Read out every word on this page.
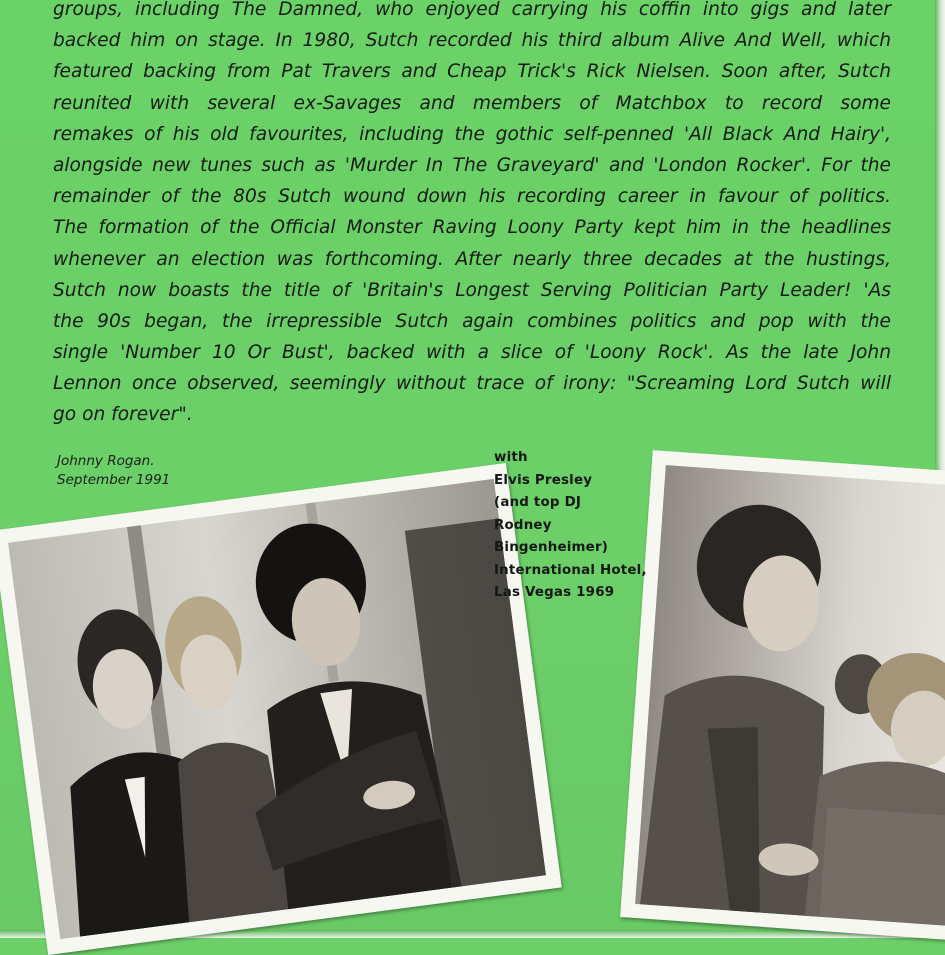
groups, including The Damned, who enjoyed carrying his coffin into gigs and later
backed him on stage. In 1980, Sutch recorded his third album Alive And Well, which
featured backing from Pat Travers and Cheap Trick's Rick Nielsen. Soon after, Sutch
reunited with several ex-Savages and members of Matchbox to record some
remakes of his old favourites, including the gothic self-penned 'All Black And Hairy',
alongside new tunes such as 'Murder In The Graveyard' and 'London Rocker'. For the
remainder of the 80s Sutch wound down his recording career in favour of politics.
The formation of the Official Monster Raving Loony Party kept him in the headlines
whenever an election was forthcoming. After nearly three decades at the hustings,
Sutch now boasts the title of 'Britain's Longest Serving Politician Party Leader! 'As
the 90s began, the irrepressible Sutch again combines politics and pop with the
single 'Number 10 Or Bust', backed with a slice of 'Loony Rock'. As the late John
Lennon once observed, seemingly without trace of irony: "Screaming Lord Sutch will
go on forever".
Johnny Rogan.
September 1991
with
Elvis Presley
(and top DJ
Rodney
Bingenheimer)
International Hotel,
Las Vegas 1969
